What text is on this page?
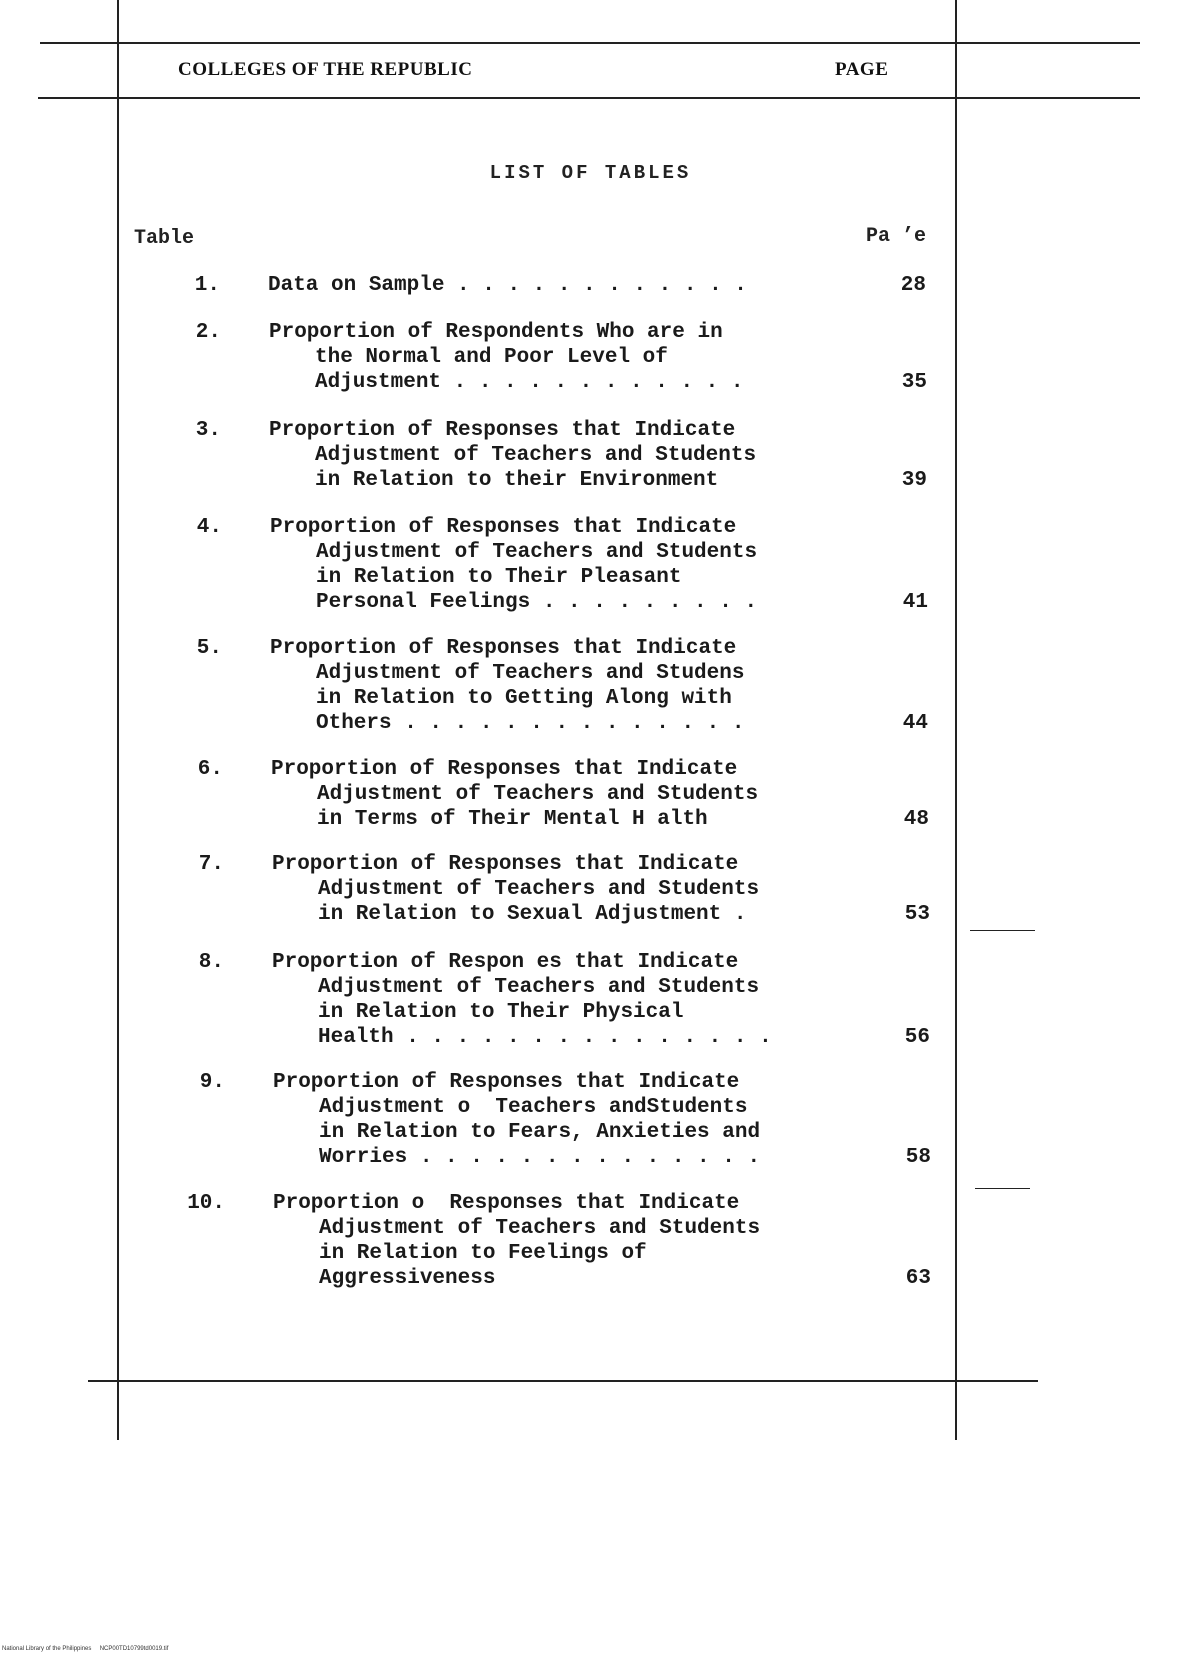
COLLEGES OF THE REPUBLIC	PAGE
LIST OF TABLES
Table	Pa ’e
1. Data on Sample . . . . . . . . . . . .	28
2. Proportion of Respondents Who are in
the Normal and Poor Level of
Adjustment . . . . . . . . . . . .	35
3. Proportion of Responses that Indicate
Adjustment of Teachers and Students
in Relation to their Environment	39
4. Proportion of Responses that Indicate
Adjustment of Teachers and Students
in Relation to Their Pleasant
Personal Feelings . . . . . . . . .	41
5. Proportion of Responses that Indicate
Adjustment of Teachers and Studens
in Relation to Getting Along with
Others . . . . . . . . . . . . . .	44
6. Proportion of Responses that Indicate
Adjustment of Teachers and Students
in Terms of Their Mental H alth	48
7. Proportion of Responses that Indicate
Adjustment of Teachers and Students
in Relation to Sexual Adjustment .	53
8. Proportion of Respon es that Indicate
Adjustment of Teachers and Students
in Relation to Their Physical
Health . . . . . . . . . . . . . . .	56
9. Proportion of Responses that Indicate
Adjustment o  Teachers andStudents
in Relation to Fears, Anxieties and
Worries . . . . . . . . . . . . . .	58
10. Proportion o  Responses that Indicate
Adjustment of Teachers and Students
in Relation to Feelings of
Aggressiveness	63
National Library of the Philippines     NCP00TD10799td0019.tif
